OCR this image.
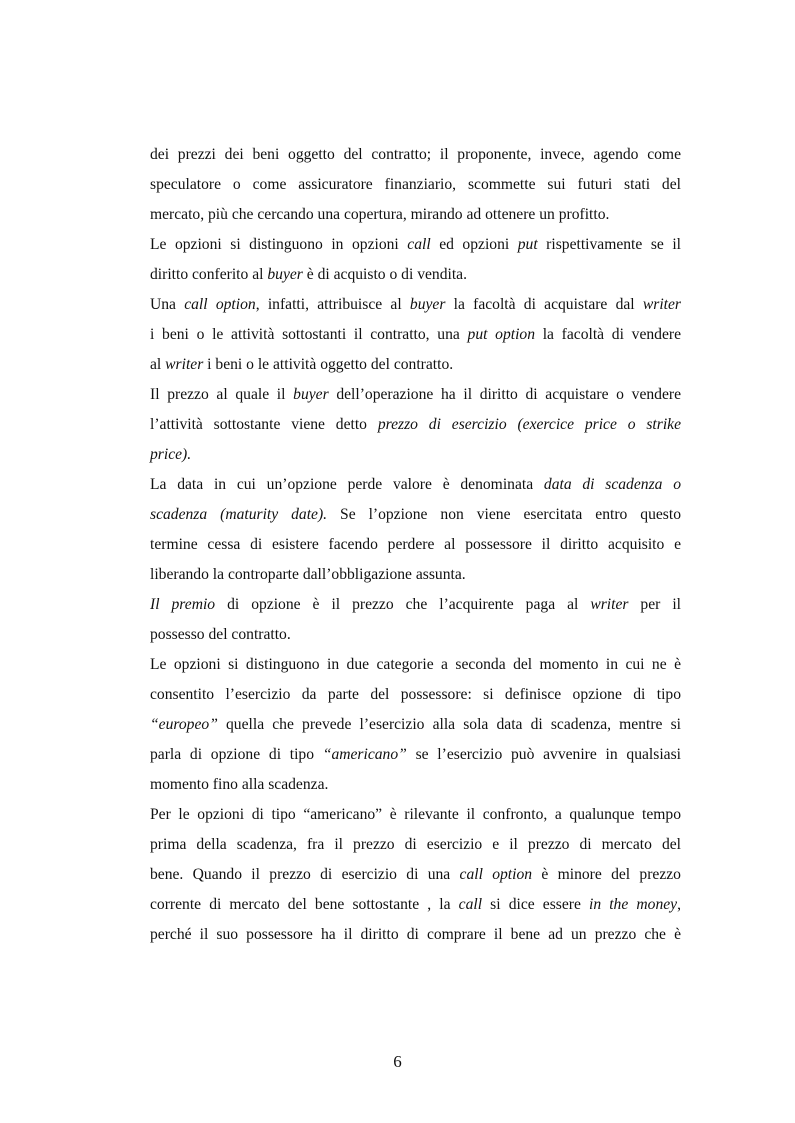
dei prezzi dei beni oggetto del contratto; il proponente, invece, agendo come
speculatore o come assicuratore finanziario, scommette sui futuri stati del
mercato, più che cercando una copertura, mirando ad ottenere un profitto.
Le opzioni si distinguono in opzioni call ed opzioni put rispettivamente se il
diritto conferito al buyer è di acquisto o di vendita.
Una call option, infatti, attribuisce al buyer la facoltà di acquistare dal writer
i beni o le attività sottostanti il contratto, una put option la facoltà di vendere
al writer i beni o le attività oggetto del contratto.
Il prezzo al quale il buyer dell’operazione ha il diritto di acquistare o vendere
l’attività sottostante viene detto prezzo di esercizio (exercice price o strike
price).
La data in cui un’opzione perde valore è denominata data di scadenza o
scadenza (maturity date). Se l’opzione non viene esercitata entro questo
termine cessa di esistere facendo perdere al possessore il diritto acquisito e
liberando la controparte dall’obbligazione assunta.
Il premio di opzione è il prezzo che l’acquirente paga al writer per il
possesso del contratto.
Le opzioni si distinguono in due categorie a seconda del momento in cui ne è
consentito l’esercizio da parte del possessore: si definisce opzione di tipo
“europeo” quella che prevede l’esercizio alla sola data di scadenza, mentre si
parla di opzione di tipo “americano” se l’esercizio può avvenire in qualsiasi
momento fino alla scadenza.
Per le opzioni di tipo “americano” è rilevante il confronto, a qualunque tempo
prima della scadenza, fra il prezzo di esercizio e il prezzo di mercato del
bene. Quando il prezzo di esercizio di una call option è minore del prezzo
corrente di mercato del bene sottostante , la call si dice essere in the money,
perché il suo possessore ha il diritto di comprare il bene ad un prezzo che è
6
